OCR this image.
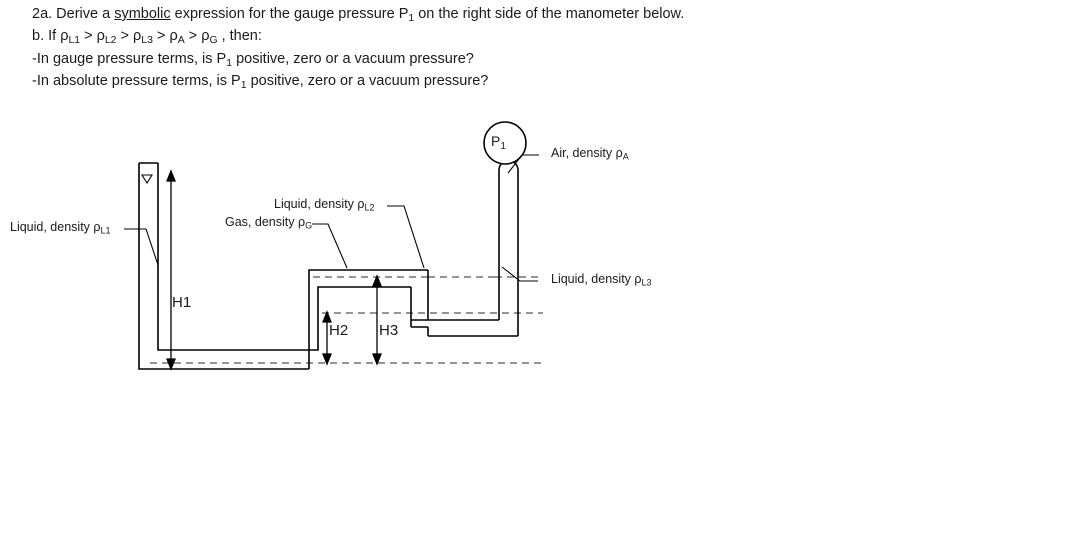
2a. Derive a symbolic expression for the gauge pressure $P_1$ on the right side of the manometer below.
b. If $\rho_{L1} > \rho_{L2} > \rho_{L3} > \rho_A > \rho_G$ , then:
-In gauge pressure terms, is $P_1$ positive, zero or a vacuum pressure?
-In absolute pressure terms, is $P_1$ positive, zero or a vacuum pressure?
$P_1$
Liquid, density $\rho_{L1}$
Gas, density $\rho_G$
Liquid, density $\rho_{L2}$
Air, density $\rho_A$
Liquid, density $\rho_{L3}$
H1
H2 H3
